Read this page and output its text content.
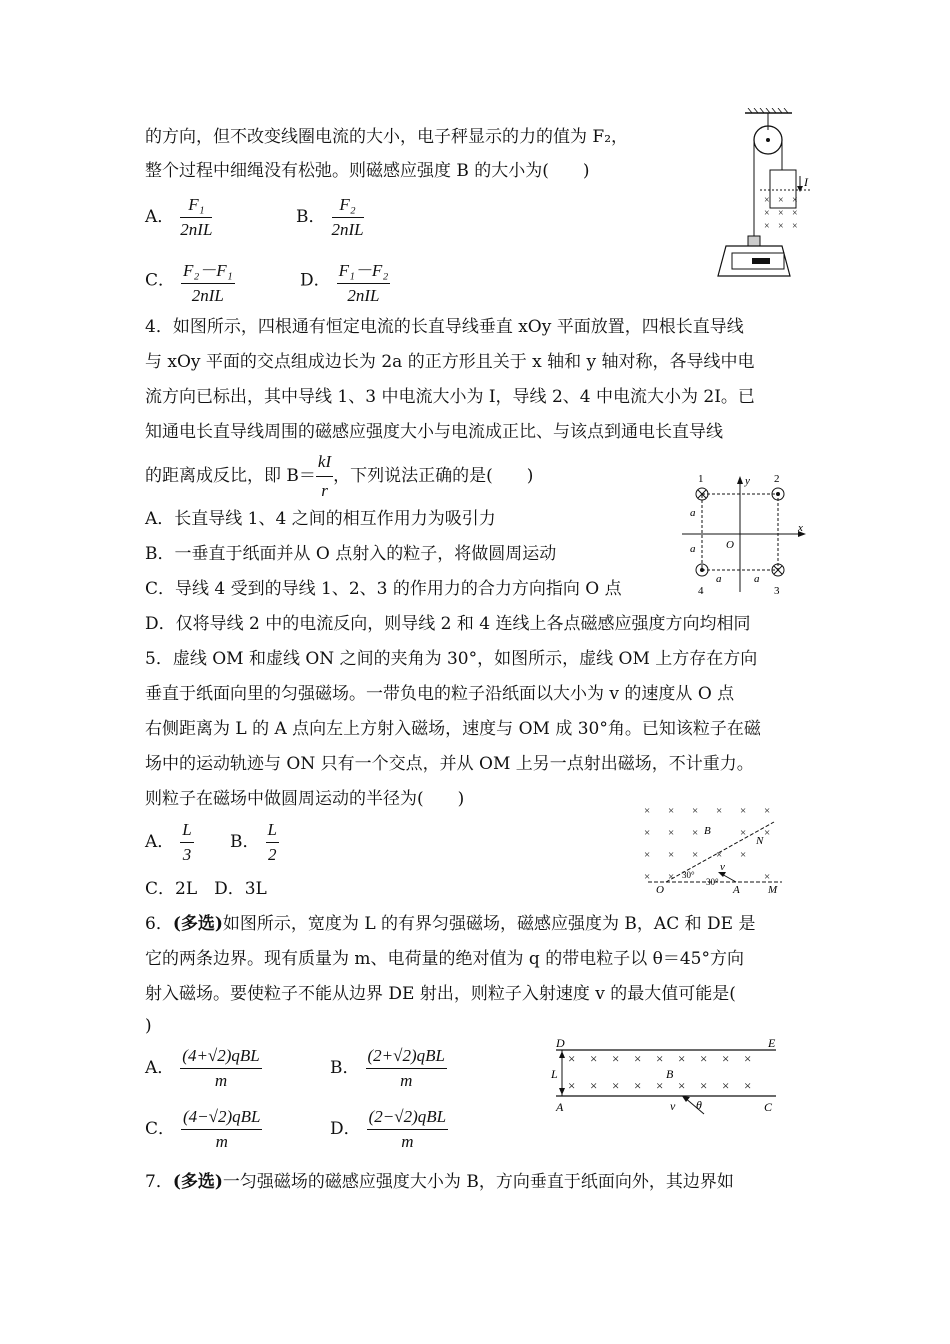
的方向，但不改变线圈电流的大小，电子秤显示的力的值为 F₂，
整个过程中细绳没有松弛。则磁感应强度 B 的大小为(　　)
A． $\frac{\text{F₁}}{\text{2nIL}}$	B． $\frac{\text{F₂}}{\text{2nIL}}$
C． $\frac{\text{F₂－F₁}}{\text{2nIL}}$	D． $\frac{\text{F₁－F₂}}{\text{2nIL}}$
I
× × ×
× × ×
× × ×
4．如图所示，四根通有恒定电流的长直导线垂直 xOy 平面放置，四根长直导线
与 xOy 平面的交点组成边长为 2a 的正方形且关于 x 轴和 y 轴对称，各导线中电
流方向已标出，其中导线 1、3 中电流大小为 I，导线 2、4 中电流大小为 2I。已
知通电长直导线周围的磁感应强度大小与电流成正比、与该点到通电长直导线
的距离成反比，即 $B= \frac{kI}{r}$ ，下列说法正确的是(　　)
A．长直导线 1、4 之间的相互作用力为吸引力
B．一垂直于纸面并从 O 点射入的粒子，将做圆周运动
C．导线 4 受到的导线 1、2、3 的作用力的合力方向指向 O 点
D．仅将导线 2 中的电流反向，则导线 2 和 4 连线上各点磁感应强度方向均相同
y
x
O
1	2
3
4
a
a
a	a
5．虚线 OM 和虚线 ON 之间的夹角为 30°，如图所示，虚线 OM 上方存在方向
垂直于纸面向里的匀强磁场。一带负电的粒子沿纸面以大小为 v 的速度从 O 点
右侧距离为 L 的 A 点向左上方射入磁场，速度与 OM 成 30°角。已知该粒子在磁
场中的运动轨迹与 ON 只有一个交点，并从 OM 上另一点射出磁场，不计重力。
则粒子在磁场中做圆周运动的半径为(　　)
A． $\frac{L}{3}$ B． $\frac{L}{2}$
C．2L　D．3L
× × × × × ×
× × ×	× ×
× × × × ×
× ×	×
B
N
O	A	M
v
30°
30°
6．(多选)如图所示，宽度为 L 的有界匀强磁场，磁感应强度为 B，AC 和 DE 是
它的两条边界。现有质量为 m、电荷量的绝对值为 q 的带电粒子以 θ＝45°方向
射入磁场。要使粒子不能从边界 DE 射出，则粒子入射速度 v 的最大值可能是(
)
A． $\frac{\text{(4+√2)qBL}}{m}$	B． $\frac{\text{(2+√2)qBL}}{m}$
C． $\frac{\text{(4−√2)qBL}}{m}$	D． $\frac{\text{(2−√2)qBL}}{m}$
× × × × × × × × ×
× × × × × × × × ×
D	E
L	B
A	C
v θ
7．(多选)一匀强磁场的磁感应强度大小为 B，方向垂直于纸面向外，其边界如
